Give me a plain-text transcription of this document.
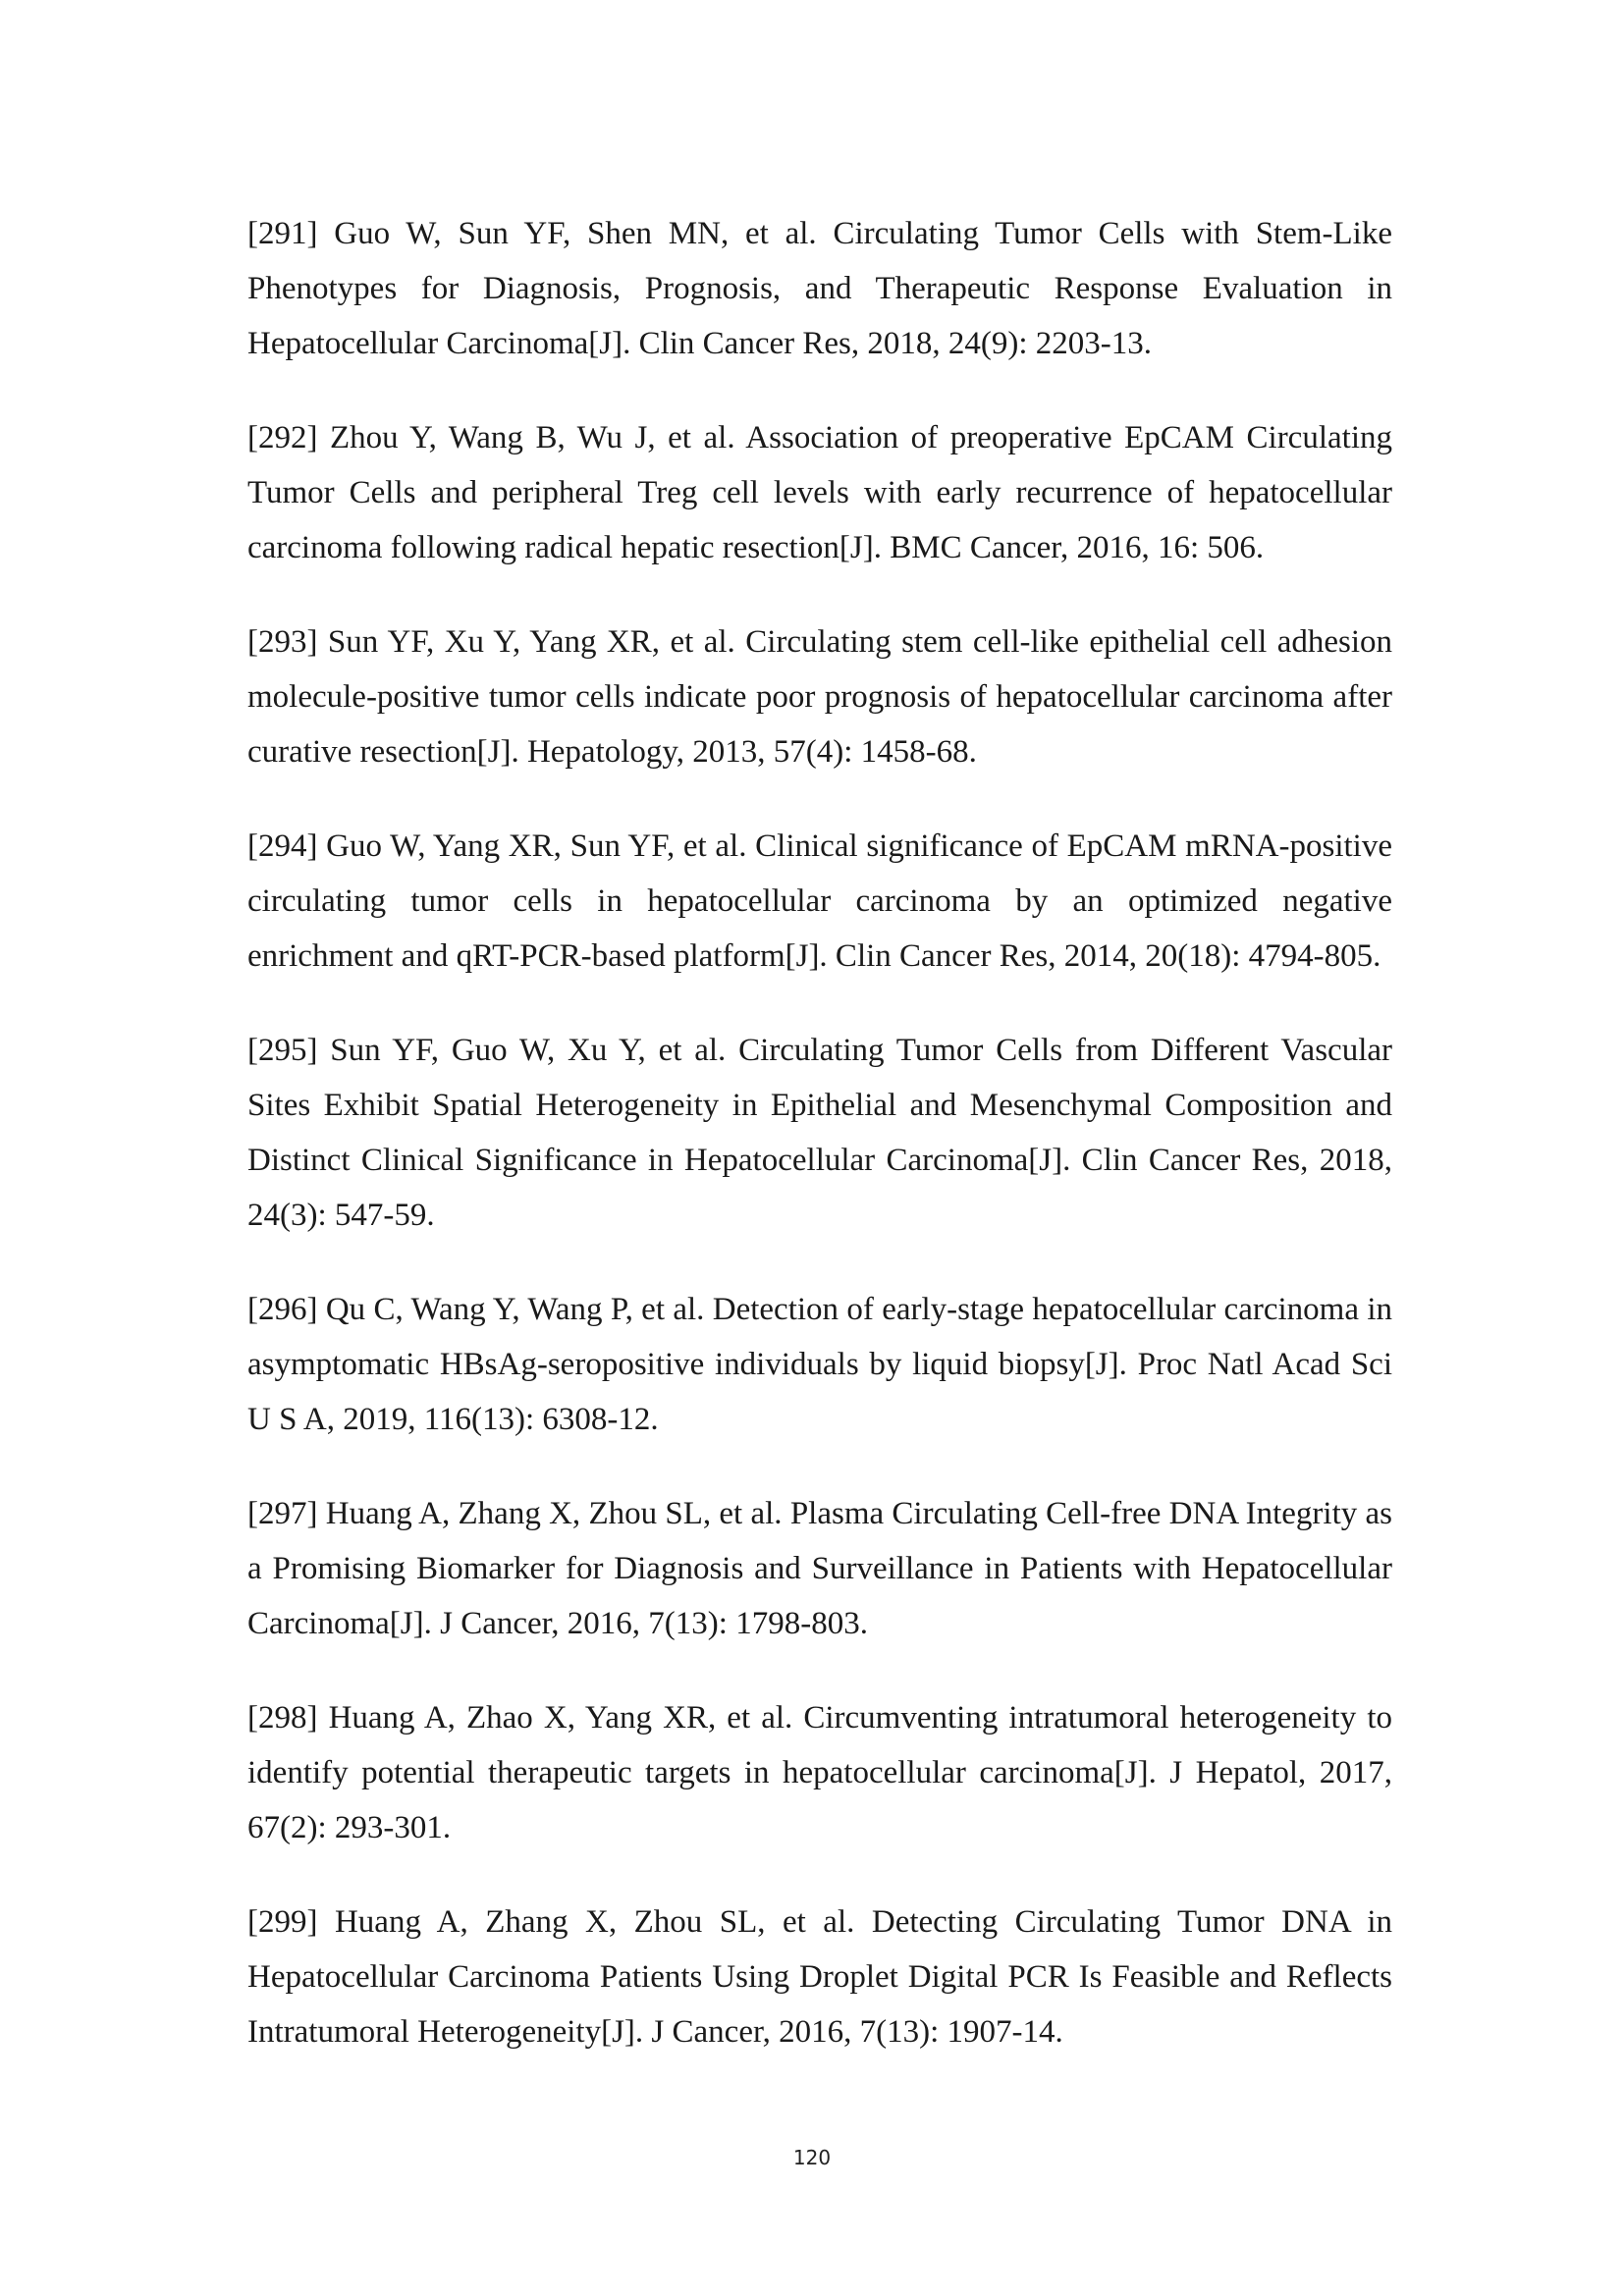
[291] Guo W, Sun YF, Shen MN, et al. Circulating Tumor Cells with Stem-Like Phenotypes for Diagnosis, Prognosis, and Therapeutic Response Evaluation in Hepatocellular Carcinoma[J]. Clin Cancer Res, 2018, 24(9): 2203-13.
[292] Zhou Y, Wang B, Wu J, et al. Association of preoperative EpCAM Circulating Tumor Cells and peripheral Treg cell levels with early recurrence of hepatocellular carcinoma following radical hepatic resection[J]. BMC Cancer, 2016, 16: 506.
[293] Sun YF, Xu Y, Yang XR, et al. Circulating stem cell-like epithelial cell adhesion molecule-positive tumor cells indicate poor prognosis of hepatocellular carcinoma after curative resection[J]. Hepatology, 2013, 57(4): 1458-68.
[294] Guo W, Yang XR, Sun YF, et al. Clinical significance of EpCAM mRNA-positive circulating tumor cells in hepatocellular carcinoma by an optimized negative enrichment and qRT-PCR-based platform[J]. Clin Cancer Res, 2014, 20(18): 4794-805.
[295] Sun YF, Guo W, Xu Y, et al. Circulating Tumor Cells from Different Vascular Sites Exhibit Spatial Heterogeneity in Epithelial and Mesenchymal Composition and Distinct Clinical Significance in Hepatocellular Carcinoma[J]. Clin Cancer Res, 2018, 24(3): 547-59.
[296] Qu C, Wang Y, Wang P, et al. Detection of early-stage hepatocellular carcinoma in asymptomatic HBsAg-seropositive individuals by liquid biopsy[J]. Proc Natl Acad Sci U S A, 2019, 116(13): 6308-12.
[297] Huang A, Zhang X, Zhou SL, et al. Plasma Circulating Cell-free DNA Integrity as a Promising Biomarker for Diagnosis and Surveillance in Patients with Hepatocellular Carcinoma[J]. J Cancer, 2016, 7(13): 1798-803.
[298] Huang A, Zhao X, Yang XR, et al. Circumventing intratumoral heterogeneity to identify potential therapeutic targets in hepatocellular carcinoma[J]. J Hepatol, 2017, 67(2): 293-301.
[299] Huang A, Zhang X, Zhou SL, et al. Detecting Circulating Tumor DNA in Hepatocellular Carcinoma Patients Using Droplet Digital PCR Is Feasible and Reflects Intratumoral Heterogeneity[J]. J Cancer, 2016, 7(13): 1907-14.
120
